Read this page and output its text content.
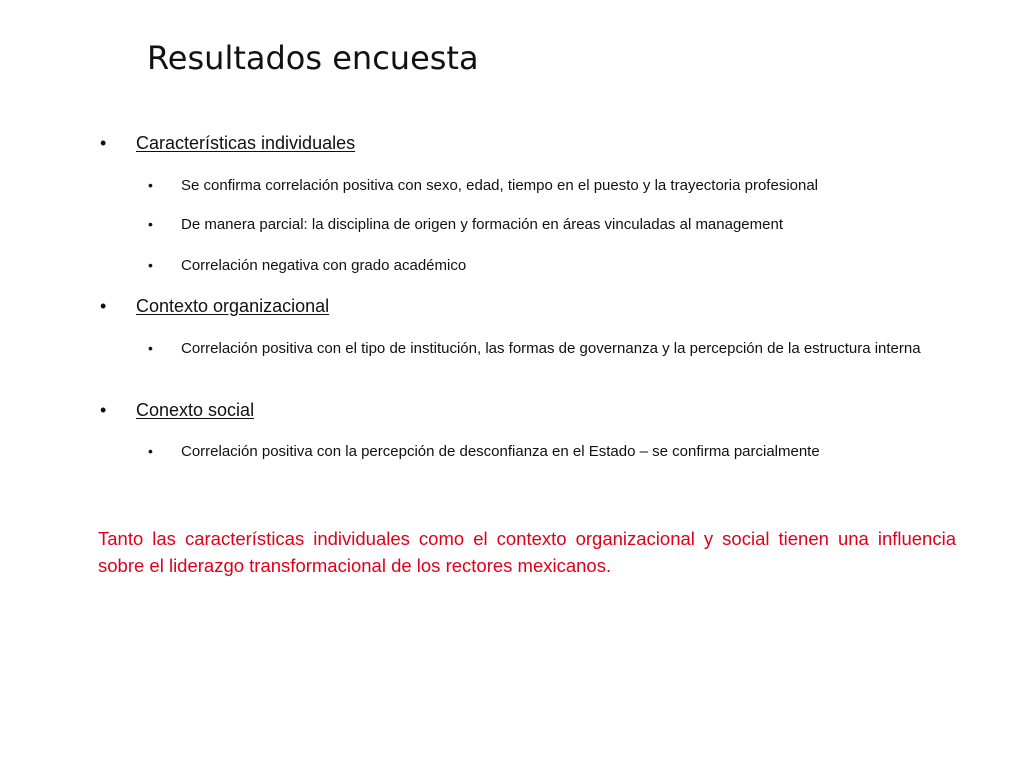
Resultados encuesta
• Características individuales
• Se confirma correlación positiva con sexo, edad, tiempo en el puesto y la trayectoria profesional
• De manera parcial: la disciplina de origen y formación en áreas vinculadas al management
• Correlación negativa con grado académico
• Contexto organizacional
• Correlación positiva con el tipo de institución, las formas de governanza y la percepción de la estructura interna
• Conexto social
• Correlación positiva con la percepción de desconfianza en el Estado – se confirma parcialmente
Tanto las características individuales como el contexto organizacional y social tienen una influencia sobre el liderazgo transformacional de los rectores mexicanos.
